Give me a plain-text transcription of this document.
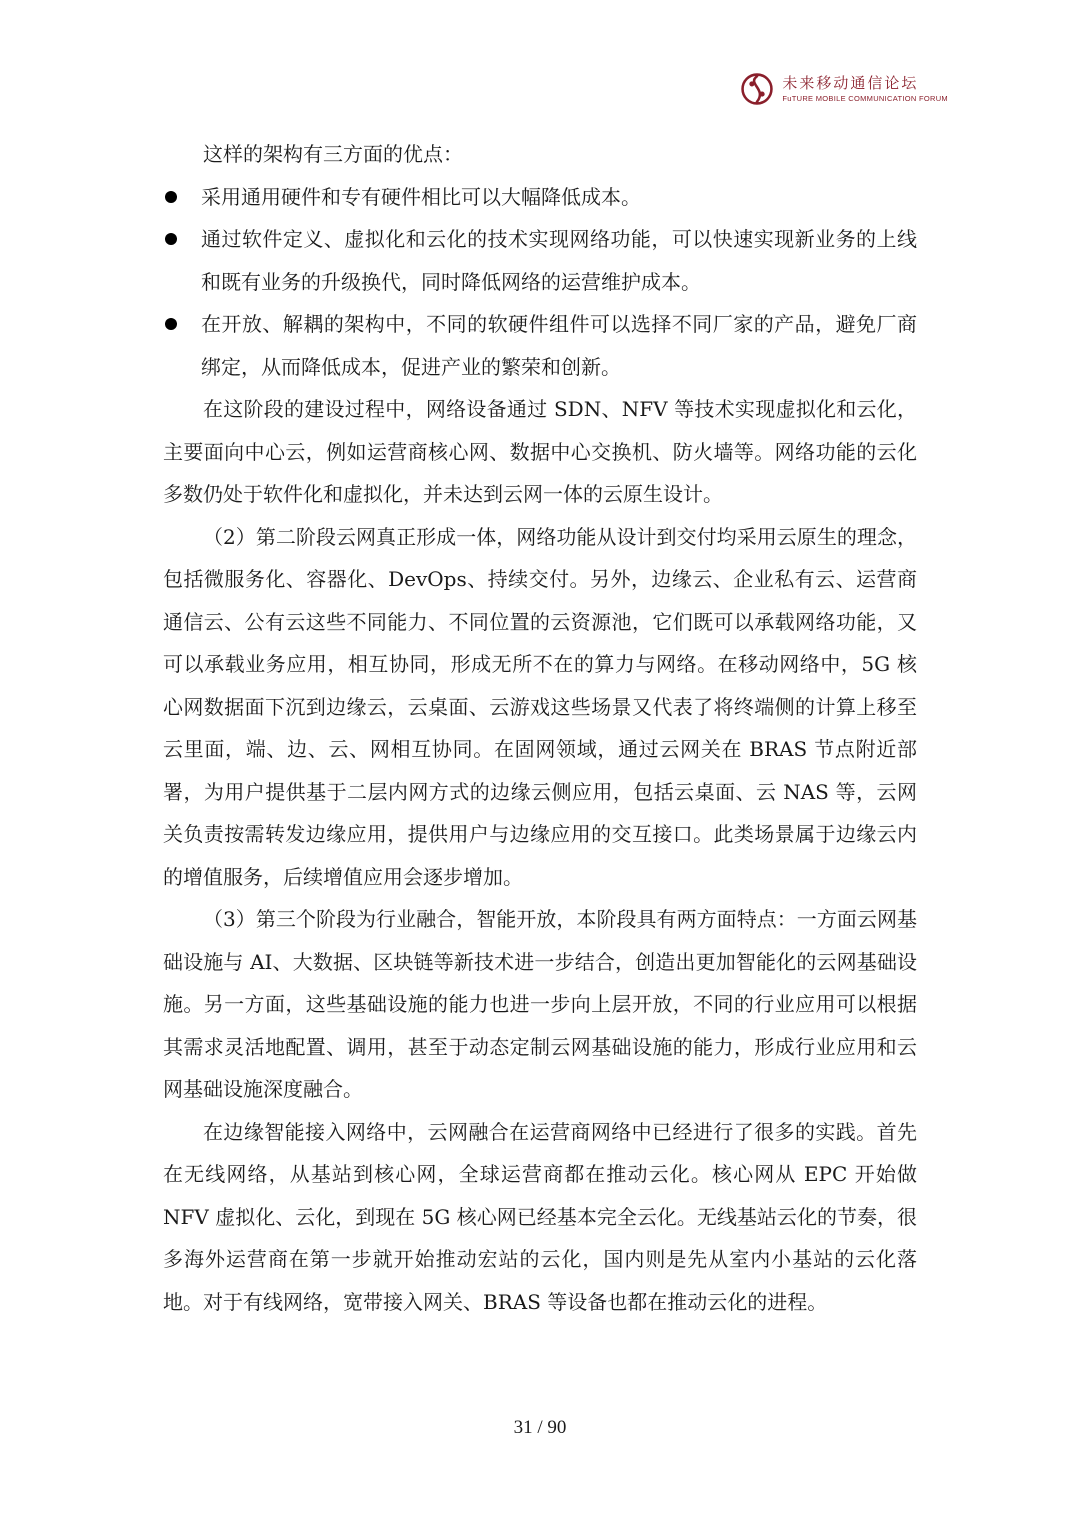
未来移动通信论坛
FuTURE MOBILE COMMUNICATION FORUM

这样的架构有三方面的优点：

采用通用硬件和专有硬件相比可以大幅降低成本。
通过软件定义、虚拟化和云化的技术实现网络功能，可以快速实现新业务的上线和既有业务的升级换代，同时降低网络的运营维护成本。
在开放、解耦的架构中，不同的软硬件组件可以选择不同厂家的产品，避免厂商绑定，从而降低成本，促进产业的繁荣和创新。

在这阶段的建设过程中，网络设备通过 SDN、NFV 等技术实现虚拟化和云化，主要面向中心云，例如运营商核心网、数据中心交换机、防火墙等。网络功能的云化多数仍处于软件化和虚拟化，并未达到云网一体的云原生设计。

（2）第二阶段云网真正形成一体，网络功能从设计到交付均采用云原生的理念，包括微服务化、容器化、DevOps、持续交付。另外，边缘云、企业私有云、运营商通信云、公有云这些不同能力、不同位置的云资源池，它们既可以承载网络功能，又可以承载业务应用，相互协同，形成无所不在的算力与网络。在移动网络中，5G 核心网数据面下沉到边缘云，云桌面、云游戏这些场景又代表了将终端侧的计算上移至云里面，端、边、云、网相互协同。在固网领域，通过云网关在 BRAS 节点附近部署，为用户提供基于二层内网方式的边缘云侧应用，包括云桌面、云 NAS 等，云网关负责按需转发边缘应用，提供用户与边缘应用的交互接口。此类场景属于边缘云内的增值服务，后续增值应用会逐步增加。

（3）第三个阶段为行业融合，智能开放，本阶段具有两方面特点：一方面云网基础设施与 AI、大数据、区块链等新技术进一步结合，创造出更加智能化的云网基础设施。另一方面，这些基础设施的能力也进一步向上层开放，不同的行业应用可以根据其需求灵活地配置、调用，甚至于动态定制云网基础设施的能力，形成行业应用和云网基础设施深度融合。

在边缘智能接入网络中，云网融合在运营商网络中已经进行了很多的实践。首先在无线网络，从基站到核心网，全球运营商都在推动云化。核心网从 EPC 开始做 NFV 虚拟化、云化，到现在 5G 核心网已经基本完全云化。无线基站云化的节奏，很多海外运营商在第一步就开始推动宏站的云化，国内则是先从室内小基站的云化落地。对于有线网络，宽带接入网关、BRAS 等设备也都在推动云化的进程。

31 / 90
